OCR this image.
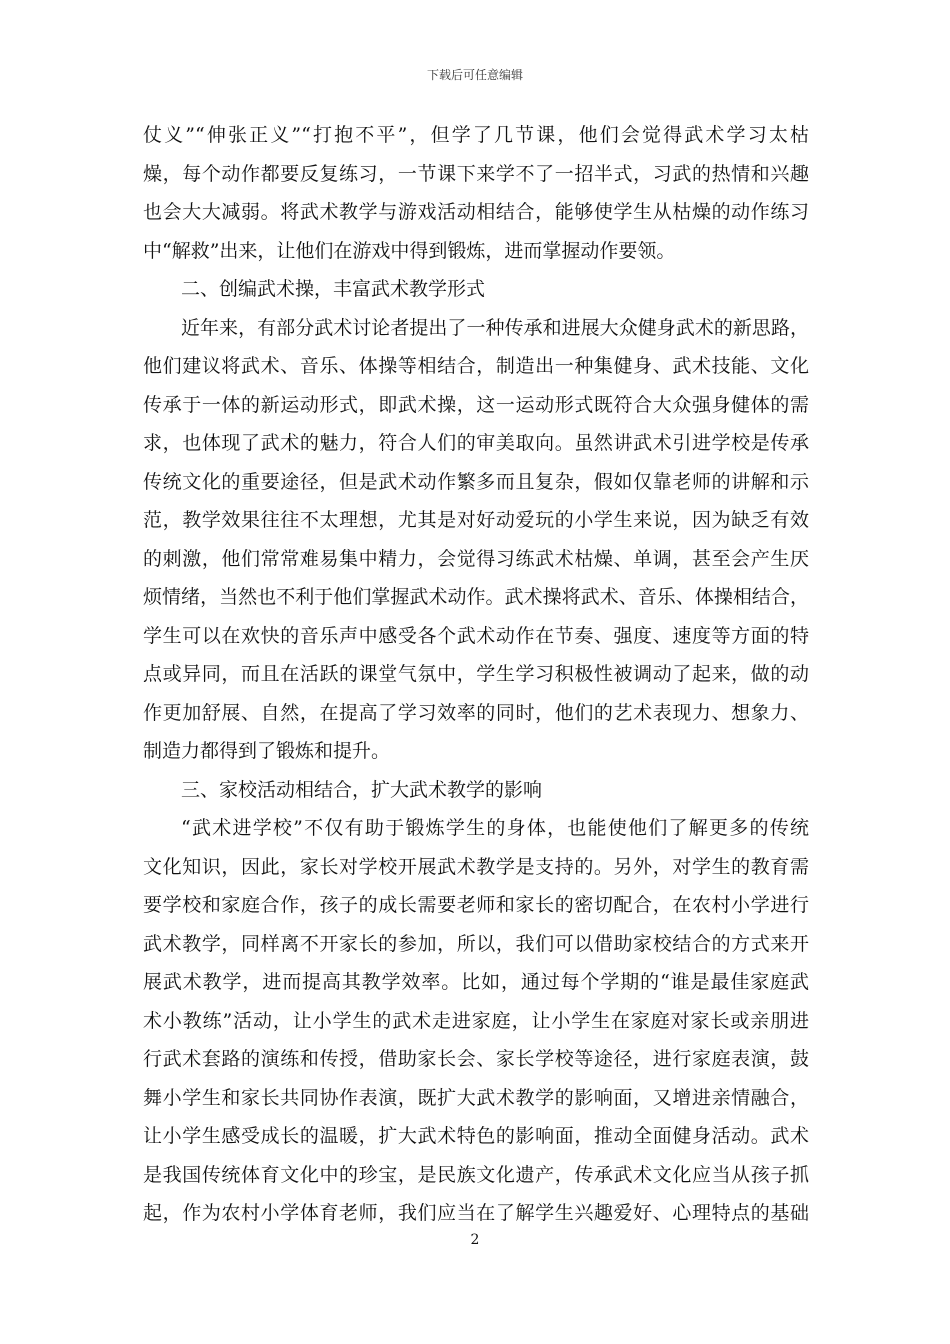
下载后可任意编辑
仗义”“伸张正义”“打抱不平”，但学了几节课，他们会觉得武术学习太枯
燥，每个动作都要反复练习，一节课下来学不了一招半式，习武的热情和兴趣
也会大大减弱。将武术教学与游戏活动相结合，能够使学生从枯燥的动作练习
中“解救”出来，让他们在游戏中得到锻炼，进而掌握动作要领。
二、创编武术操，丰富武术教学形式
近年来，有部分武术讨论者提出了一种传承和进展大众健身武术的新思路，
他们建议将武术、音乐、体操等相结合，制造出一种集健身、武术技能、文化
传承于一体的新运动形式，即武术操，这一运动形式既符合大众强身健体的需
求，也体现了武术的魅力，符合人们的审美取向。虽然讲武术引进学校是传承
传统文化的重要途径，但是武术动作繁多而且复杂，假如仅靠老师的讲解和示
范，教学效果往往不太理想，尤其是对好动爱玩的小学生来说，因为缺乏有效
的刺激，他们常常难易集中精力，会觉得习练武术枯燥、单调，甚至会产生厌
烦情绪，当然也不利于他们掌握武术动作。武术操将武术、音乐、体操相结合，
学生可以在欢快的音乐声中感受各个武术动作在节奏、强度、速度等方面的特
点或异同，而且在活跃的课堂气氛中，学生学习积极性被调动了起来，做的动
作更加舒展、自然，在提高了学习效率的同时，他们的艺术表现力、想象力、
制造力都得到了锻炼和提升。
三、家校活动相结合，扩大武术教学的影响
“武术进学校”不仅有助于锻炼学生的身体，也能使他们了解更多的传统
文化知识，因此，家长对学校开展武术教学是支持的。另外，对学生的教育需
要学校和家庭合作，孩子的成长需要老师和家长的密切配合，在农村小学进行
武术教学，同样离不开家长的参加，所以，我们可以借助家校结合的方式来开
展武术教学，进而提高其教学效率。比如，通过每个学期的“谁是最佳家庭武
术小教练”活动，让小学生的武术走进家庭，让小学生在家庭对家长或亲朋进
行武术套路的演练和传授，借助家长会、家长学校等途径，进行家庭表演，鼓
舞小学生和家长共同协作表演，既扩大武术教学的影响面，又增进亲情融合，
让小学生感受成长的温暖，扩大武术特色的影响面，推动全面健身活动。武术
是我国传统体育文化中的珍宝，是民族文化遗产，传承武术文化应当从孩子抓
起，作为农村小学体育老师，我们应当在了解学生兴趣爱好、心理特点的基础
2
